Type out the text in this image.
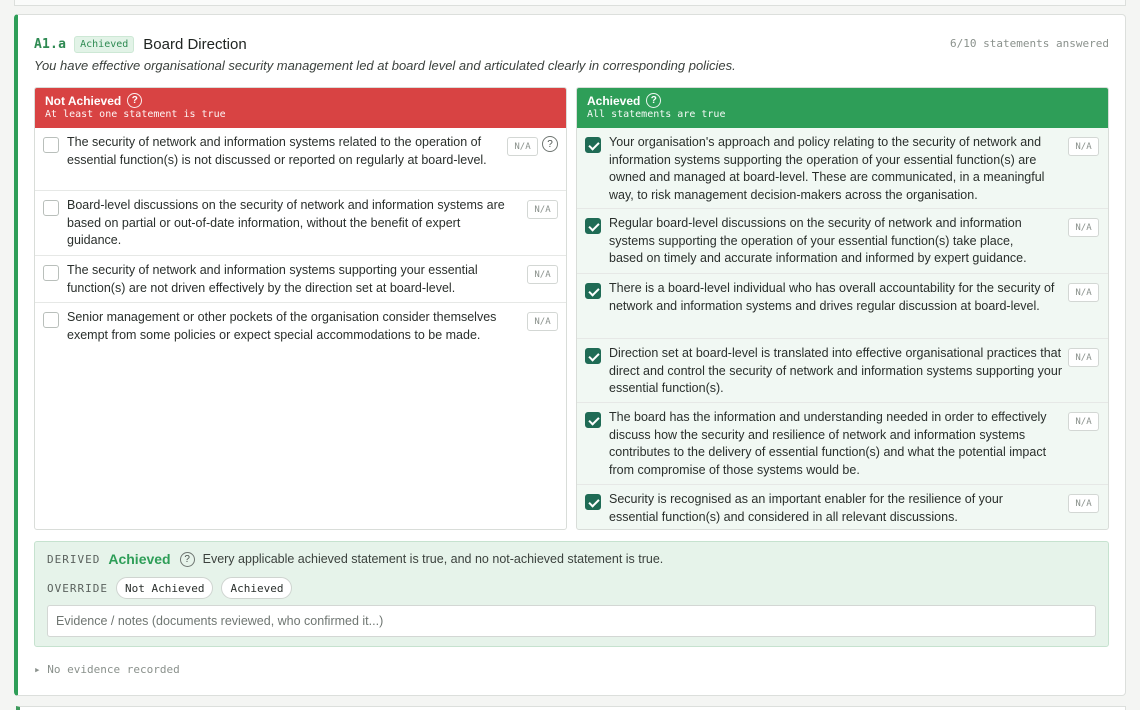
A1.a	Achieved	Board Direction	6/10 statements answered
You have effective organisational security management led at board level and articulated clearly in corresponding policies.
Not Achieved	?
At least one statement is true
The security of network and information systems related to the operation of essential function(s) is not discussed or reported on regularly at board-level.
N/A	?
Board-level discussions on the security of network and information systems are based on partial or out-of-date information, without the benefit of expert guidance.
N/A
The security of network and information systems supporting your essential function(s) are not driven effectively by the direction set at board-level.
N/A
Senior management or other pockets of the organisation consider themselves exempt from some policies or expect special accommodations to be made.
N/A
Achieved	?
All statements are true
Your organisation's approach and policy relating to the security of network and information systems supporting the operation of your essential function(s) are owned and managed at board-level. These are communicated, in a meaningful way, to risk management decision-makers across the organisation.
N/A
Regular board-level discussions on the security of network and information systems supporting the operation of your essential function(s) take place, based on timely and accurate information and informed by expert guidance.
N/A
There is a board-level individual who has overall accountability for the security of network and information systems and drives regular discussion at board-level.
N/A
Direction set at board-level is translated into effective organisational practices that direct and control the security of network and information systems supporting your essential function(s).
N/A
The board has the information and understanding needed in order to effectively discuss how the security and resilience of network and information systems contributes to the delivery of essential function(s) and what the potential impact from compromise of those systems would be.
N/A
Security is recognised as an important enabler for the resilience of your essential function(s) and considered in all relevant discussions.
N/A
DERIVED Achieved	?	Every applicable achieved statement is true, and no not-achieved statement is true.
OVERRIDE	Not Achieved	Achieved
Evidence / notes (documents reviewed, who confirmed it...)
▸ No evidence recorded
